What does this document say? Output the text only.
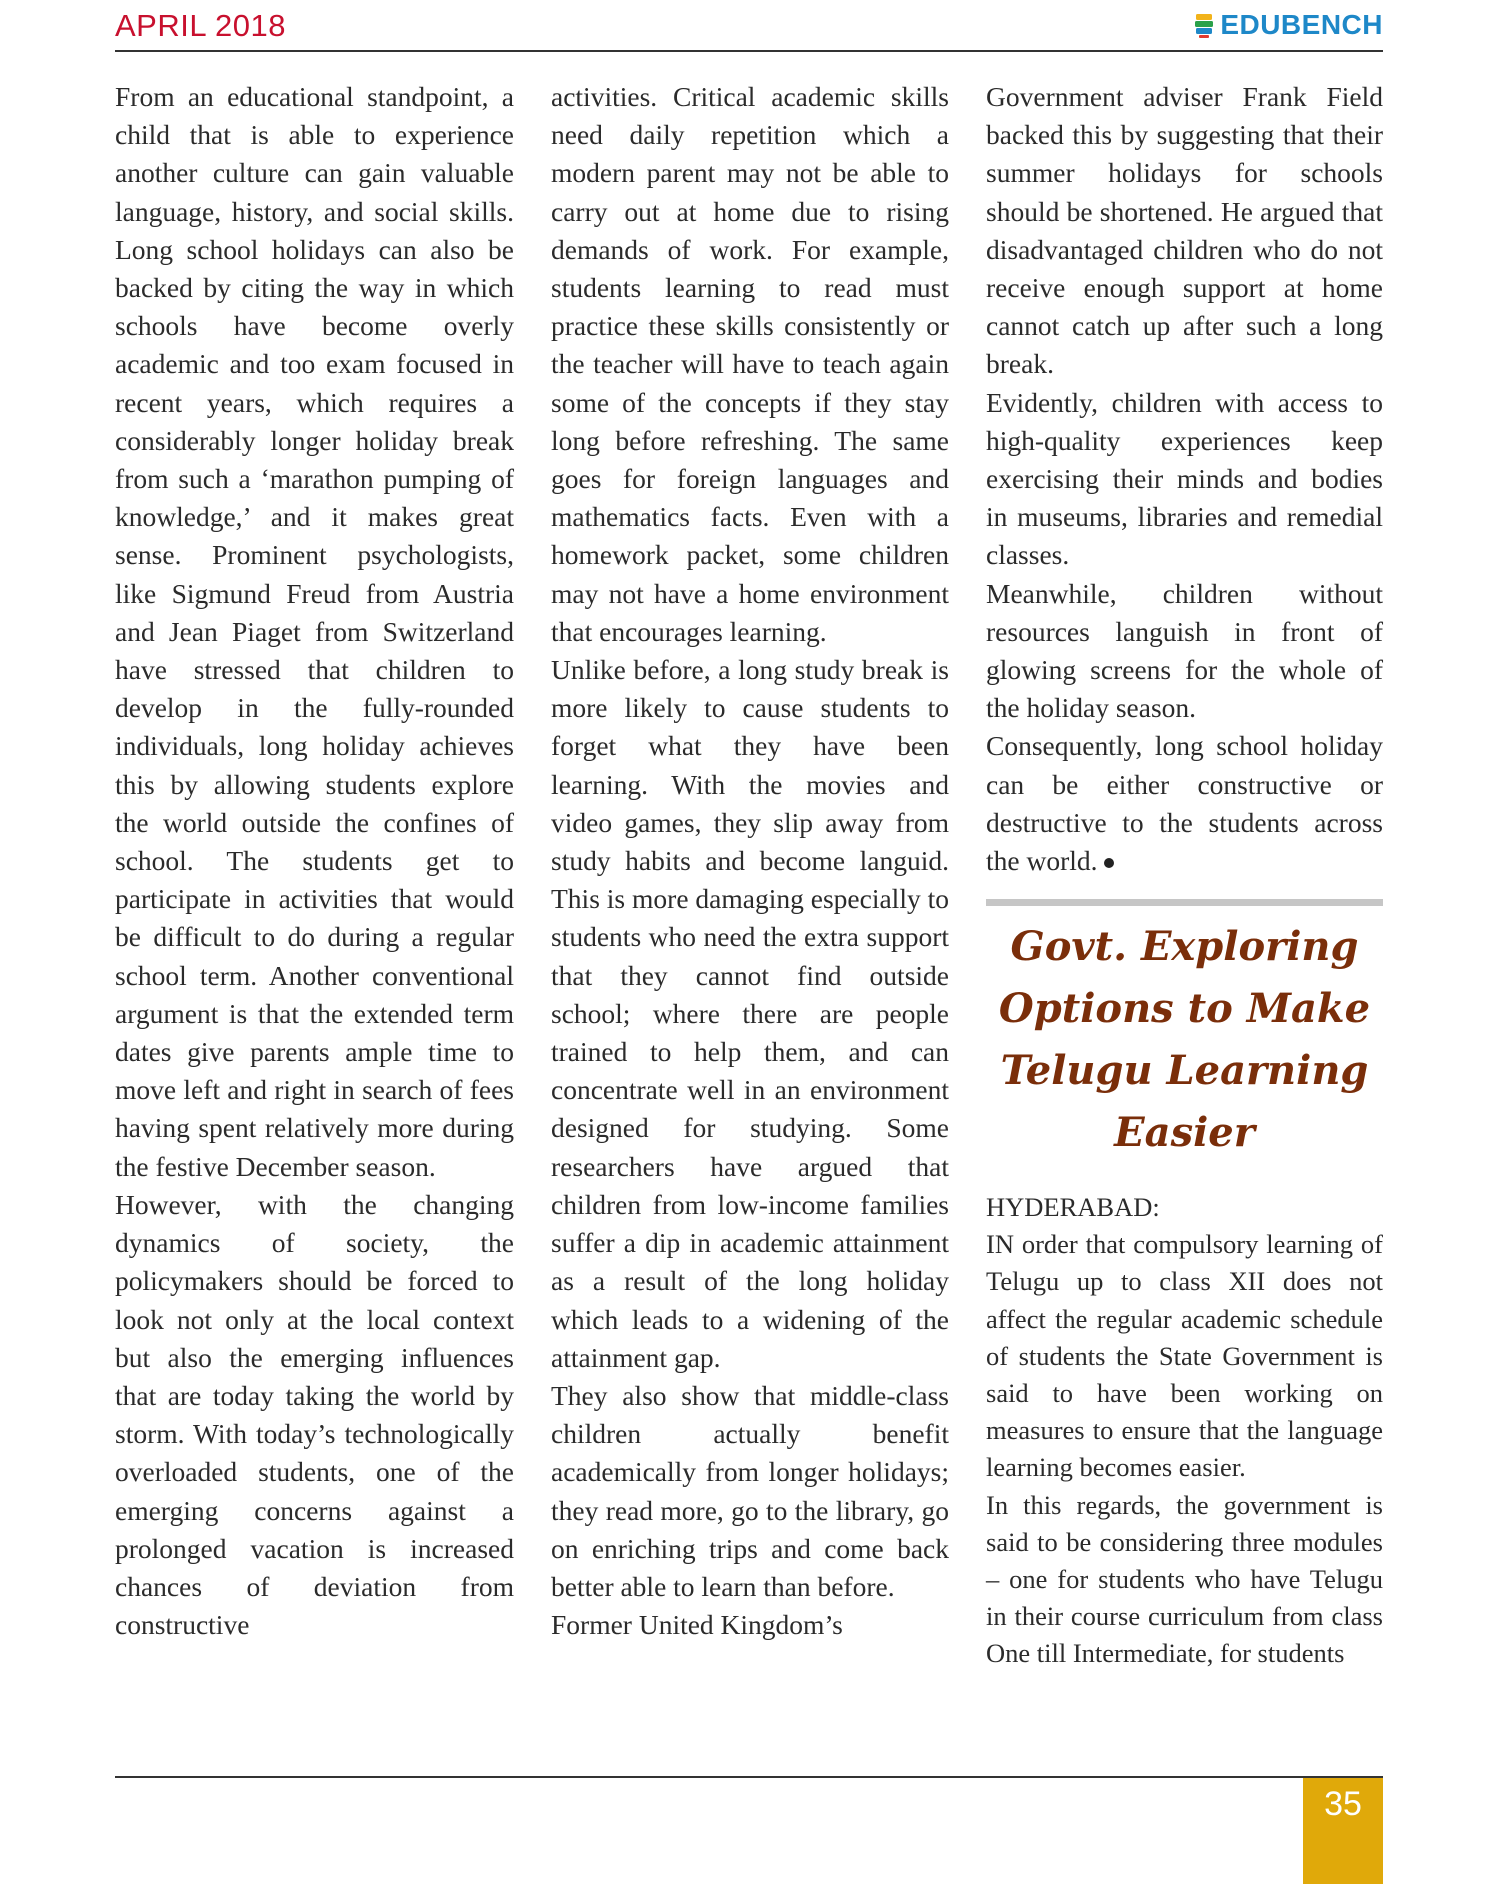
APRIL 2018	EDUBENCH

From an educational standpoint, a child that is able to experience another culture can gain valuable language, history, and social skills. Long school holidays can also be backed by citing the way in which schools have become overly academic and too exam focused in recent years, which requires a considerably longer holiday break from such a ‘marathon pumping of knowledge,’ and it makes great sense. Prominent psychologists, like Sigmund Freud from Austria and Jean Piaget from Switzerland have stressed that children to develop in the fully-rounded individuals, long holiday achieves this by allowing students explore the world outside the confines of school. The students get to participate in activities that would be difficult to do during a regular school term. Another conventional argument is that the extended term dates give parents ample time to move left and right in search of fees having spent relatively more during the festive December season.

However, with the changing dynamics of society, the policymakers should be forced to look not only at the local context but also the emerging influences that are today taking the world by storm. With today’s technologically overloaded students, one of the emerging concerns against a prolonged vacation is increased chances of deviation from constructive

activities. Critical academic skills need daily repetition which a modern parent may not be able to carry out at home due to rising demands of work. For example, students learning to read must practice these skills consistently or the teacher will have to teach again some of the concepts if they stay long before refreshing. The same goes for foreign languages and mathematics facts. Even with a homework packet, some children may not have a home environment that encourages learning.

Unlike before, a long study break is more likely to cause students to forget what they have been learning. With the movies and video games, they slip away from study habits and become languid. This is more damaging especially to students who need the extra support that they cannot find outside school; where there are people trained to help them, and can concentrate well in an environment designed for studying. Some researchers have argued that children from low-income families suffer a dip in academic attainment as a result of the long holiday which leads to a widening of the attainment gap.

They also show that middle-class children actually benefit academically from longer holidays; they read more, go to the library, go on enriching trips and come back better able to learn than before.

Former United Kingdom’s

Government adviser Frank Field backed this by suggesting that their summer holidays for schools should be shortened. He argued that disadvantaged children who do not receive enough support at home cannot catch up after such a long break.

Evidently, children with access to high-quality experiences keep exercising their minds and bodies in museums, libraries and remedial classes.

Meanwhile, children without resources languish in front of glowing screens for the whole of the holiday season.

Consequently, long school holiday can be either constructive or destructive to the students across the world.

Govt. Exploring Options to Make Telugu Learning Easier

HYDERABAD:

IN order that compulsory learning of Telugu up to class XII does not affect the regular academic schedule of students the State Government is said to have been working on measures to ensure that the language learning becomes easier.

In this regards, the government is said to be considering three modules – one for students who have Telugu in their course curriculum from class One till Intermediate, for students

35
